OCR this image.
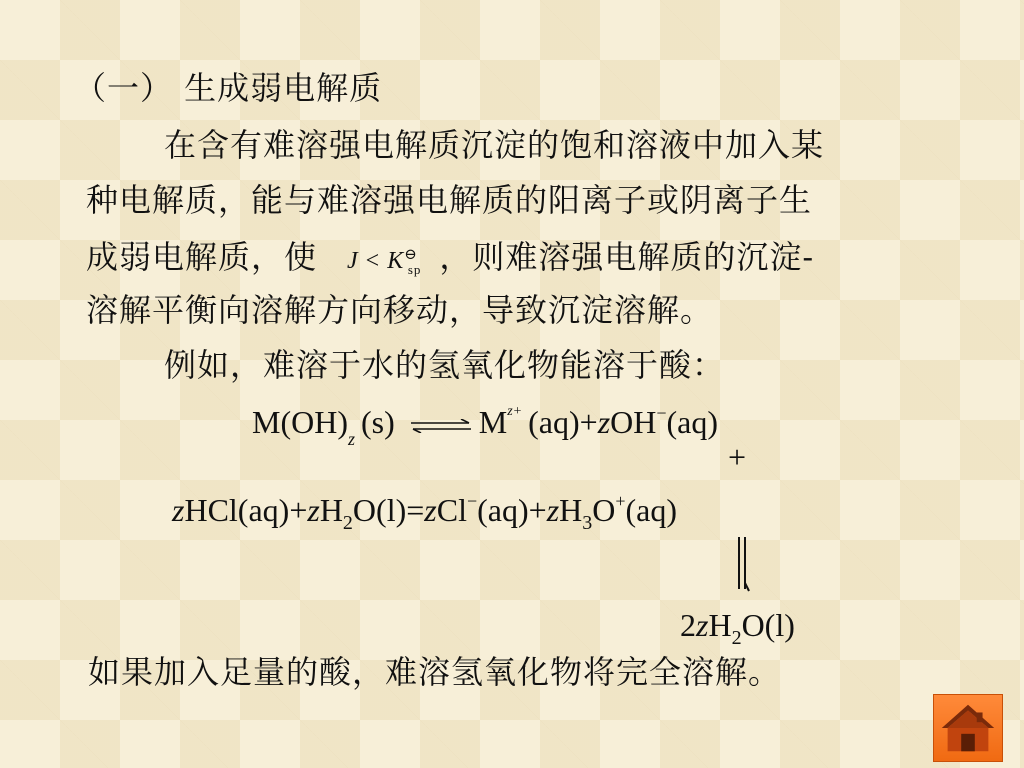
（一） 生成弱电解质
在含有难溶强电解质沉淀的饱和溶液中加入某
种电解质，能与难溶强电解质的阳离子或阴离子生
成弱电解质，使 $J < K^⊖_{sp}$ ，则难溶强电解质的沉淀-
溶解平衡向溶解方向移动，导致沉淀溶解。
例如，难溶于水的氢氧化物能溶于酸：
$M(OH)_z$ (s) ⇌ $M^{z+}$ (aq)+zOH−(aq)
+
$zHCl(aq)+zH_2O(l)=zCl^-(aq)+zH_3O^+(aq)$
$2zH_2O(l)$
如果加入足量的酸，难溶氢氧化物将完全溶解。
